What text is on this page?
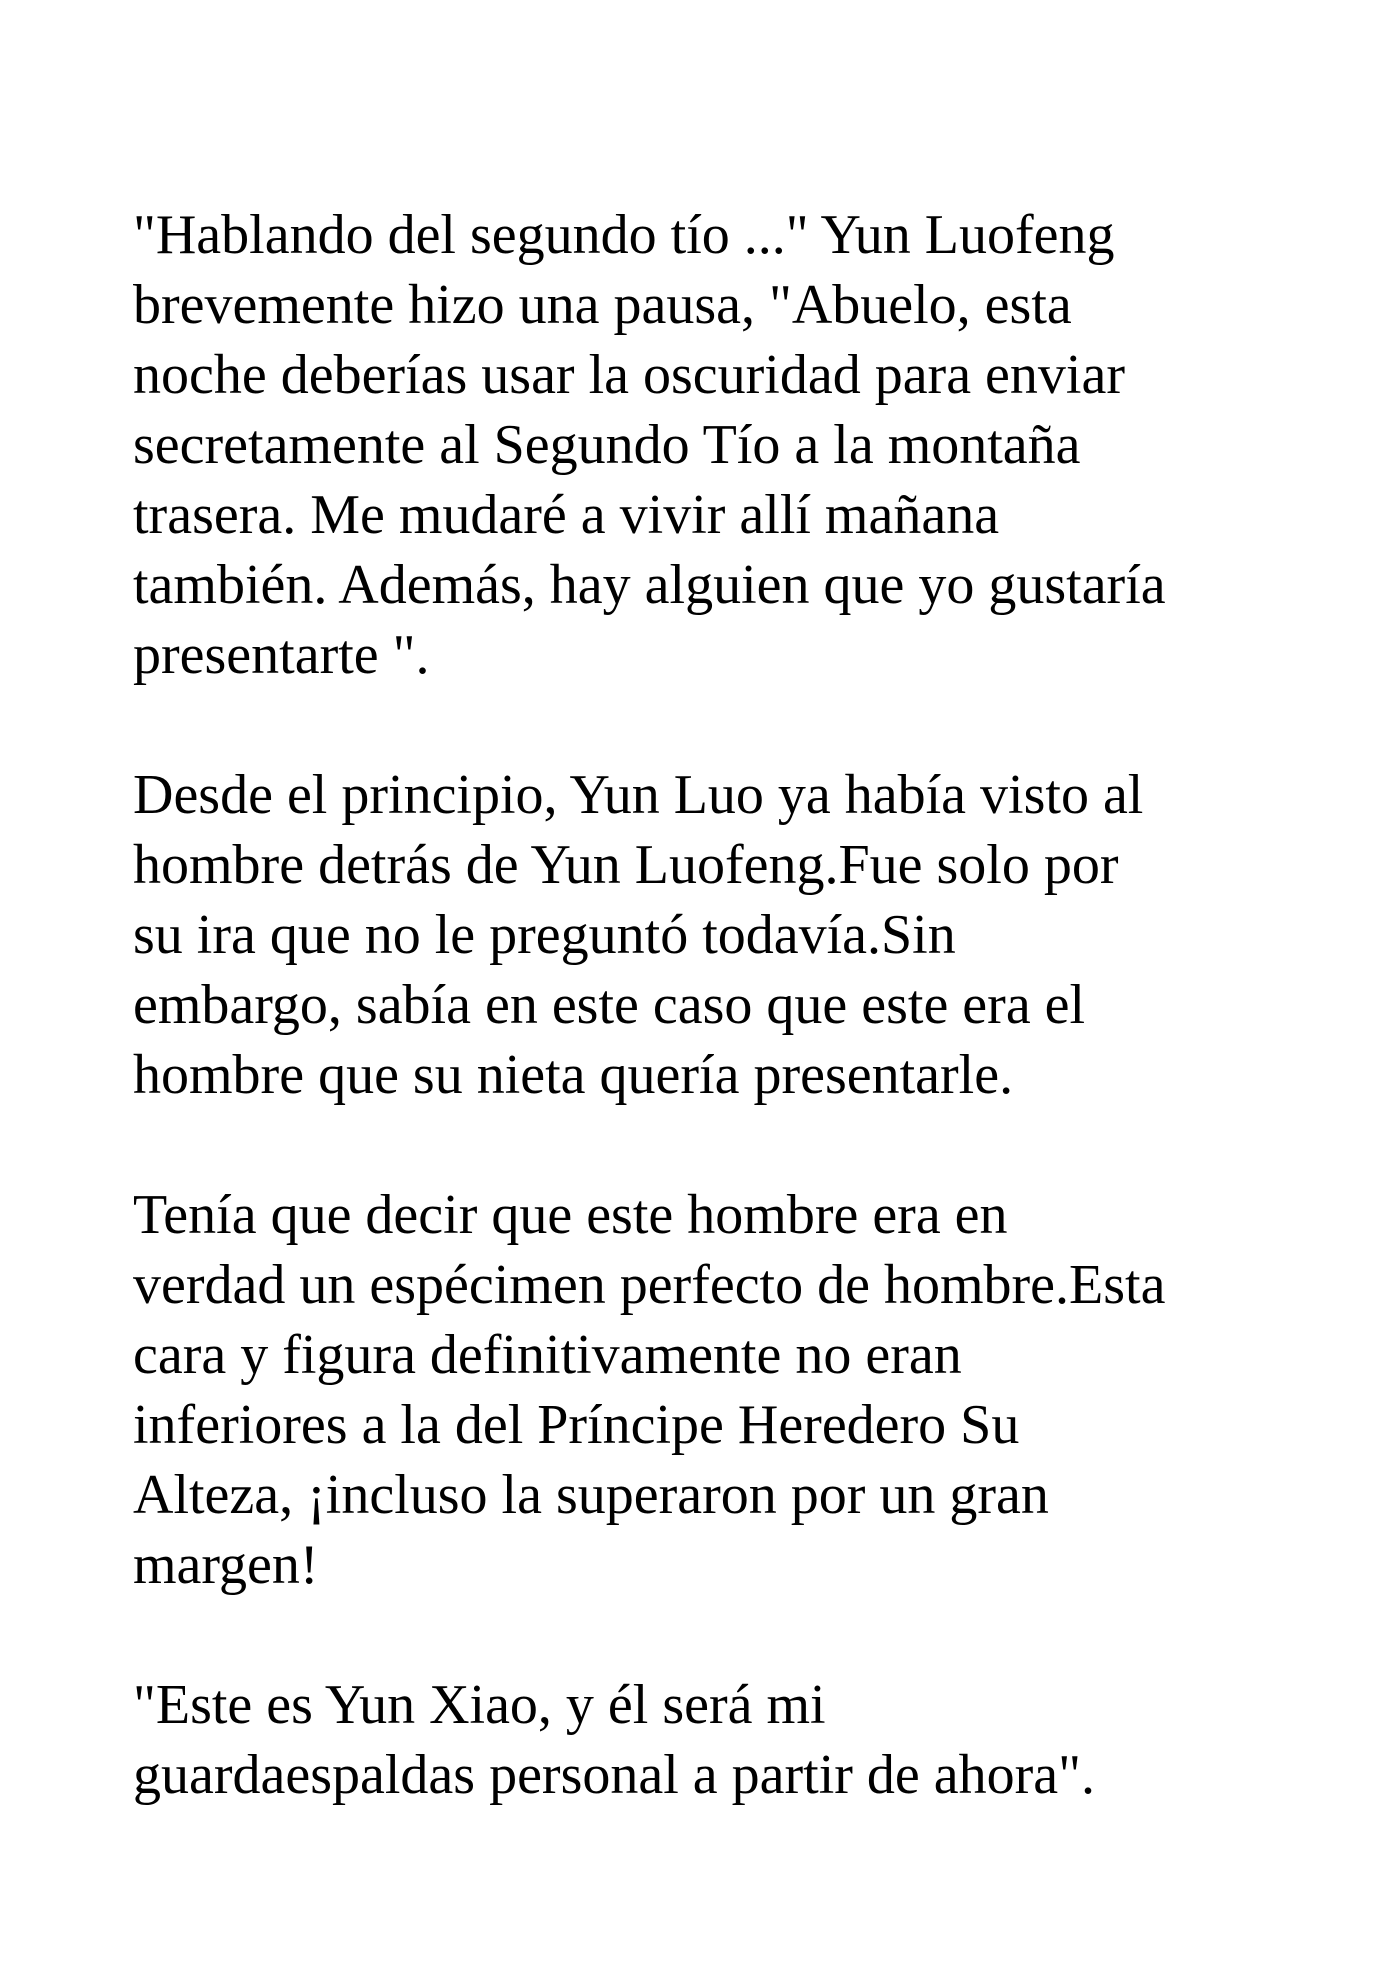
"Hablando del segundo tío ..." Yun Luofeng
brevemente hizo una pausa, "Abuelo, esta
noche deberías usar la oscuridad para enviar
secretamente al Segundo Tío a la montaña
trasera. Me mudaré a vivir allí mañana
también. Además, hay alguien que yo gustaría
presentarte ".

Desde el principio, Yun Luo ya había visto al
hombre detrás de Yun Luofeng.Fue solo por
su ira que no le preguntó todavía.Sin
embargo, sabía en este caso que este era el
hombre que su nieta quería presentarle.

Tenía que decir que este hombre era en
verdad un espécimen perfecto de hombre.Esta
cara y figura definitivamente no eran
inferiores a la del Príncipe Heredero Su
Alteza, ¡incluso la superaron por un gran
margen!

"Este es Yun Xiao, y él será mi
guardaespaldas personal a partir de ahora".
